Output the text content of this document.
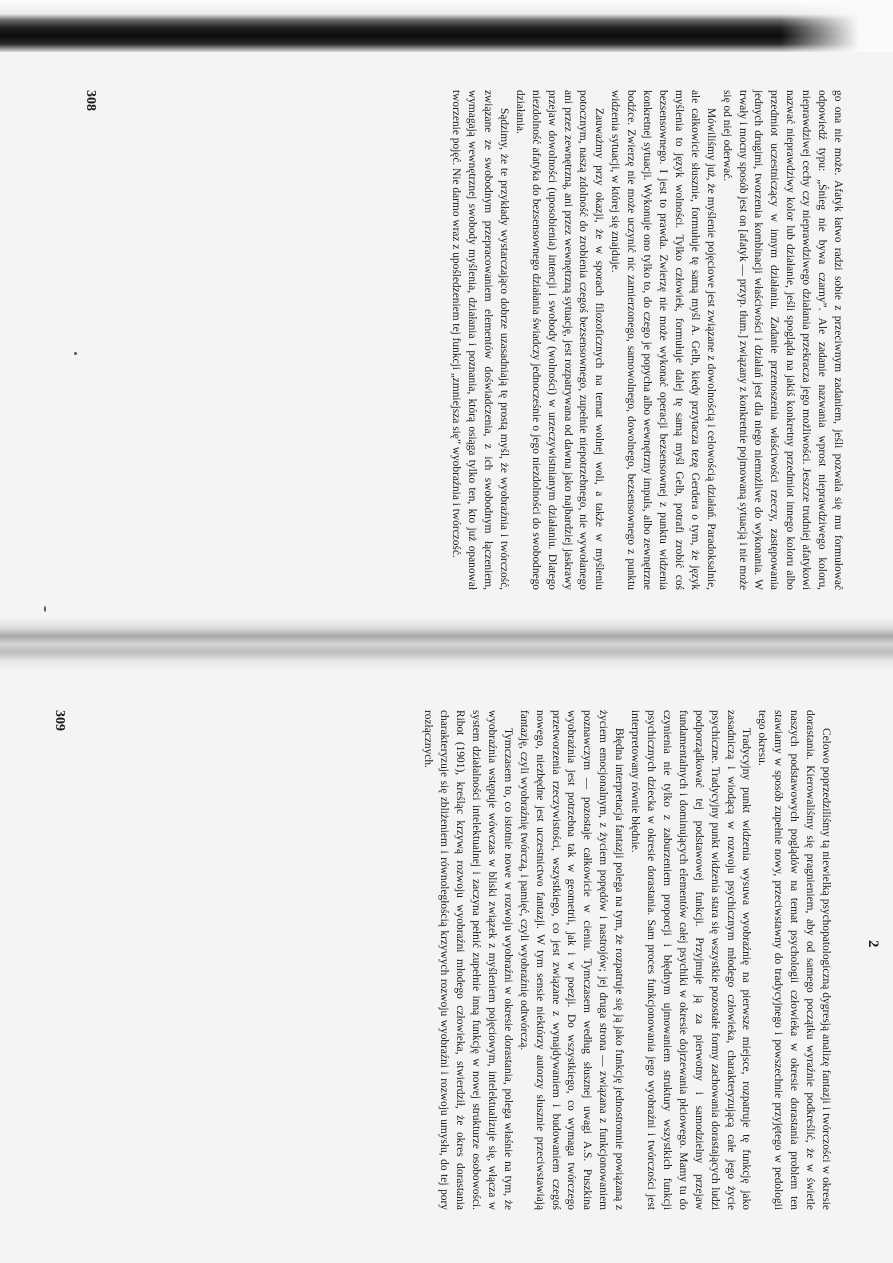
go ona nie może. Afatyk łatwo radzi sobie z przeciwnym zadaniem, jeśli pozwala się mu formułować odpowiedź typu: „Śnieg nie bywa czarny”. Ale zadanie nazwania wprost nieprawdziwego koloru, nieprawdziwej cechy czy nieprawdziwego działania przekracza jego możliwości. Jeszcze trudniej afatykowi nazwać nieprawdziwy kolor lub działanie, jeśli spogląda na jakiś konkretny przedmiot innego koloru albo przedmiot uczestniczący w innym działaniu. Zadanie przenoszenia właściwości rzeczy, zastępowania jednych drugimi, tworzenia kombinacji właściwości i działań jest dla niego niemożliwe do wykonania. W trwały i mocny sposób jest on [afatyk — przyp. tłum.] związany z konkretnie pojmowaną sytuacją i nie może się od niej oderwać.

Mówiliśmy już, że myślenie pojęciowe jest związane z dowolnością i celowością działań. Paradoksalnie, ale całkowicie słusznie, formułuje tę samą myśl A. Gelb, kiedy przytacza tezę Gerdera o tym, że język myślenia to język wolności. Tylko człowiek, formułuje dalej tę samą myśl Gelb, potrafi zrobić coś bezsensownego. I jest to prawda. Zwierzę nie może wykonać operacji bezsensownej z punktu widzenia konkretnej sytuacji. Wykonuje ono tylko to, do czego je popycha albo wewnętrzny impuls, albo zewnętrzne bodźce. Zwierzę nie może uczynić nic zamierzonego, samowolnego, dowolnego, bezsensownego z punktu widzenia sytuacji, w której się znajduje.

Zauważmy przy okazji, że w sporach filozoficznych na temat wolnej woli, a także w myśleniu potocznym, naszą zdolność do zrobienia czegoś bezsensownego, zupełnie niepotrzebnego, nie wywołanego ani przez zewnętrzną, ani przez wewnętrzną sytuację, jest rozpatrywana od dawna jako najbardziej jaskrawy przejaw dowolności (uposobienia) intencji i swobody (wolności) w urzeczywistnianym działaniu. Dlatego niezdolność afatyka do bezsensownego działania świadczy jednocześnie o jego niezdolności do swobodnego działania.

Sądzimy, że te przykłady wystarczająco dobrze uzasadniają tę prostą myśl, że wyobraźnia i twórczość, związane ze swobodnym przepracowaniem elementów doświadczenia, z ich swobodnym łączeniem, wymagają wewnętrznej swobody myślenia, działania i poznania, którą osiąga tylko ten, kto już opanował tworzenie pojęć. Nie darmo wraz z upośledzeniem tej funkcji „zmniejsza się” wyobraźnia i twórczość.

308
2

Celowo poprzedziliśmy tą niewielką psychopatologiczną dygresją analizę fantazji i twórczości w okresie dorastania. Kierowaliśmy się pragnieniem, aby od samego początku wyraźnie podkreślić, że w świetle naszych podstawowych poglądów na temat psychologii człowieka w okresie dorastania problem ten stawiamy w sposób zupełnie nowy, przeciwstawny do tradycyjnego i powszechnie przyjętego w pedologii tego okresu.

Tradycyjny punkt widzenia wysuwa wyobraźnię na pierwsze miejsce, rozpatruje tę funkcję jako zasadniczą i wiodącą w rozwoju psychicznym młodego człowieka, charakteryzującą całe jego życie psychiczne. Tradycyjny punkt widzenia stara się wszystkie pozostałe formy zachowania dorastających ludzi podporządkować tej podstawowej funkcji. Przyjmuje ją za pierwotny i samodzielny przejaw fundamentalnych i dominujących elementów całej psychiki w okresie dojrzewania płciowego. Mamy tu do czynienia nie tylko z zaburzeniem proporcji i błędnym ujmowaniem struktury wszystkich funkcji psychicznych dziecka w okresie dorastania. Sam proces funkcjonowania jego wyobraźni i twórczości jest interpretowany równie błędnie.

Błędna interpretacja fantazji polega na tym, że rozpatruje się ją jako funkcję jednostronnie powiązaną z życiem emocjonalnym, z życiem popędów i nastrojów; jej druga strona — związana z funkcjonowaniem poznawczym — pozostaje całkowicie w cieniu. Tymczasem według słusznej uwagi A.S. Puszkina wyobraźnia jest potrzebna tak w geometrii, jak i w poezji. Do wszystkiego, co wymaga twórczego przetworzenia rzeczywistości, wszystkiego, co jest związane z wynajdywaniem i budowaniem czegoś nowego, niezbędne jest uczestnictwo fantazji. W tym sensie niektórzy autorzy słusznie przeciwstawiają fantazję, czyli wyobraźnię twórczą, i pamięć, czyli wyobraźnię odtwórczą.

Tymczasem to, co istotnie nowe w rozwoju wyobraźni w okresie dorastania, polega właśnie na tym, że wyobraźnia wstępuje wówczas w bliski związek z myśleniem pojęciowym, intelektualizuje się, włącza w system działalności intelektualnej i zaczyna pełnić zupełnie inną funkcję w nowej strukturze osobowości. Ribot (1901), kreśląc krzywą rozwoju wyobraźni młodego człowieka, stwierdził, że okres dorastania charakteryzuje się zbliżeniem i równoległością krzywych rozwoju wyobraźni i rozwoju umysłu, do tej pory rozłącznych.

309
